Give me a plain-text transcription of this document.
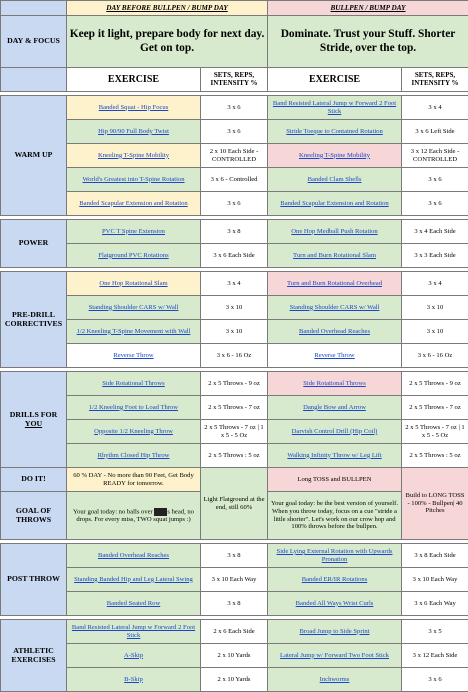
	DAY BEFORE BULLPEN / BUMP DAY		BULLPEN / BUMP DAY	
DAY & FOCUS	Keep it light, prepare body for next day. Get on top.		Dominate. Trust your Stuff. Shorter Stride, over the top.	
	EXERCISE	SETS, REPS, INTENSITY %	EXERCISE	SETS, REPS, INTENSITY %

WARM UP	Banded Squat - Hip Focus	3 x 6	Band Resisted Lateral Jump w Forward 2 Foot Stick	3 x 4
	Hip 90/90 Full Body Twist	3 x 6	Stride Toeque to Contained Rotation	3 x 6 Left Side
	Kneeling T-Spine Mobility	2 x 10 Each Side - CONTROLLED	Kneeling T-Spine Mobility	3 x 12 Each Side - CONTROLLED
	World's Greatest into T-Spine Rotation	3 x 6 - Controlled	Banded Clam Shells	3 x 6
	Banded Scapular Extension and Rotation	3 x 6	Banded Scapular Extension and Rotation	3 x 6

POWER	PVC T Spine Extension	3 x 8	One Hop Medball Push Rotation	3 x 4 Each Side
	Flatground PVC Rotations	3 x 6 Each Side	Turn and Burn Rotational Slam	3 x 3 Each Side

PRE-DRILL CORRECTIVES	One Hop Rotational Slam	3 x 4	Turn and Burn Rotational Overhead	3 x 4
	Standing Shoulder CARS w/ Wall	3 x 10	Standing Shoulder CARS w/ Wall	3 x 10
	1/2 Kneeling T-Spine Movement with Wall	3 x 10	Banded Overhead Reaches	3 x 10
	Reverse Throw	3 x 6 - 16 Oz	Reverse Throw	3 x 6 - 16 Oz

DRILLS FOR
YOU	Side Rotational Throws	2 x 5 Throws - 9 oz	Side Rotational Throws	2 x 5 Throws - 9 oz
	1/2 Kneeling Foot to Load Throw	2 x 5 Throws - 7 oz	Dangle Bow and Arrow	2 x 5 Throws - 7 oz
	Opposite 1/2 Kneeling Throw	2 x 5 Throws - 7 oz | 1 x 5 - 5 Oz	Darvish Control Drill (Hip Coil)	2 x 5 Throws - 7 oz | 1 x 5 - 5 Oz
	Rhythm Closed Hip Throw	2 x 5 Throws : 5 oz	Walking Infinity Throw w/ Leg Lift	2 x 5 Throws : 5 oz
DO IT!	60 % DAY - No more than 90 Feet, Get Body READY for tomorrow.	Light Flatground at the end, still 60%	Long TOSS and BULLPEN	Build to LONG TOSS - 100% - Bullpen| 40 Pitches
GOAL OF THROWS	Your goal today: no balls over s head, no drops. For every miss, TWO squat jumps :)		Your goal today: be the best version of yourself. When you throw today, focus on a cue "stride a little shorter". Let's work on our crow hop and 100% throws before the bullpen.	

POST THROW	Banded Overhead Reaches	3 x 8	Side Lying External Rotation with Upwards Pronation	3 x 8 Each Side
	Standing Banded Hip and Leg Lateral Swing	3 x 10 Each Way	Banded ER/IR Rotations	3 x 10 Each Way
	Banded Seated Row	3 x 8	Banded All Ways Wrist Curls	3 x 6 Each Way

ATHLETIC EXERCISES	Band Resisted Lateral Jump w Forward 2 Foot Stick	2 x 6 Each Side	Broad Jump to Side Sprint	3 x 5
	A-Skip	2 x 10 Yards	Lateral Jump w/ Forward Two Foot Stick	3 x 12 Each Side
	B-Skip	2 x 10 Yards	Inchworms	3 x 6
